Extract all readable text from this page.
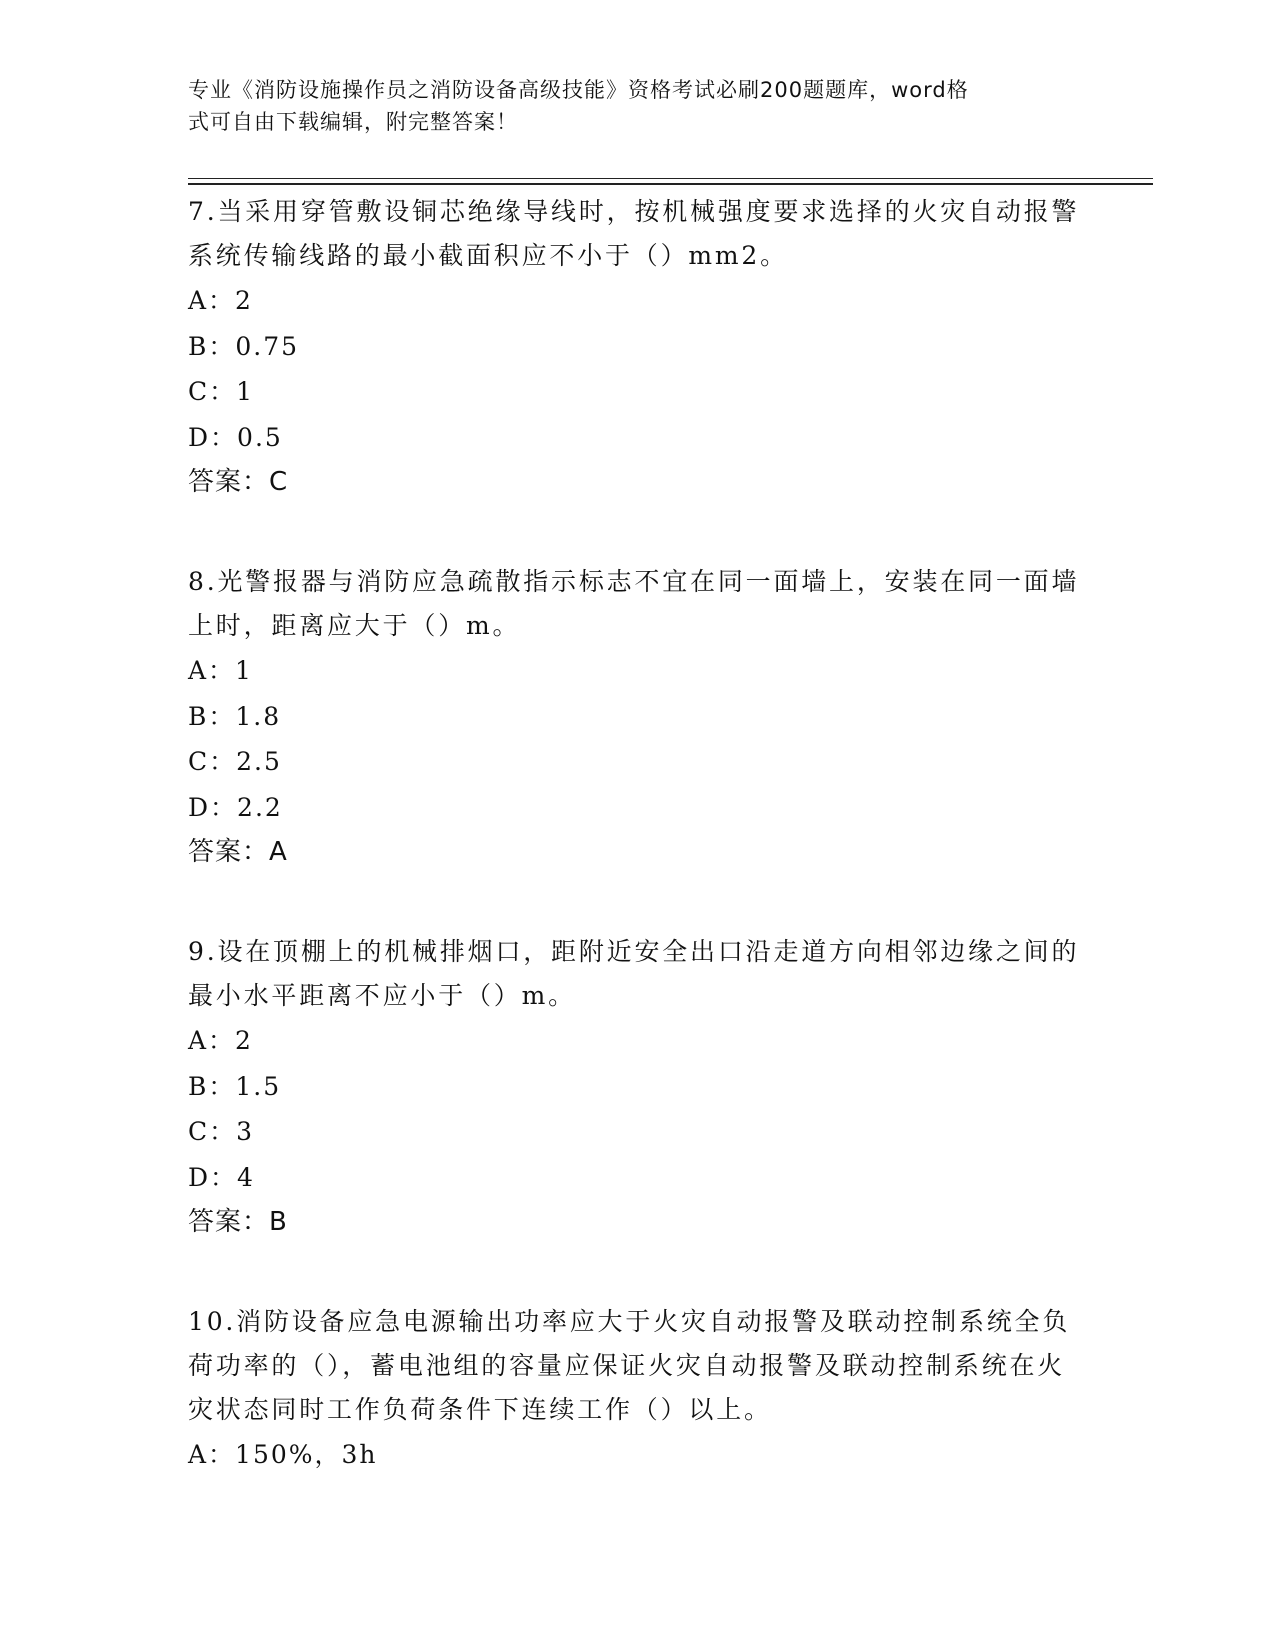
专业《消防设施操作员之消防设备高级技能》资格考试必刷200题题库，word格
式可自由下载编辑，附完整答案！
7.当采用穿管敷设铜芯绝缘导线时，按机械强度要求选择的火灾自动报警系统传输线路的最小截面积应不小于（）mm2。
A：2
B：0.75
C：1
D：0.5
答案：C
8.光警报器与消防应急疏散指示标志不宜在同一面墙上，安装在同一面墙上时，距离应大于（）m。
A：1
B：1.8
C：2.5
D：2.2
答案：A
9.设在顶棚上的机械排烟口，距附近安全出口沿走道方向相邻边缘之间的最小水平距离不应小于（）m。
A：2
B：1.5
C：3
D：4
答案：B
10.消防设备应急电源输出功率应大于火灾自动报警及联动控制系统全负荷功率的（），蓄电池组的容量应保证火灾自动报警及联动控制系统在火灾状态同时工作负荷条件下连续工作（）以上。
A：150%，3h
